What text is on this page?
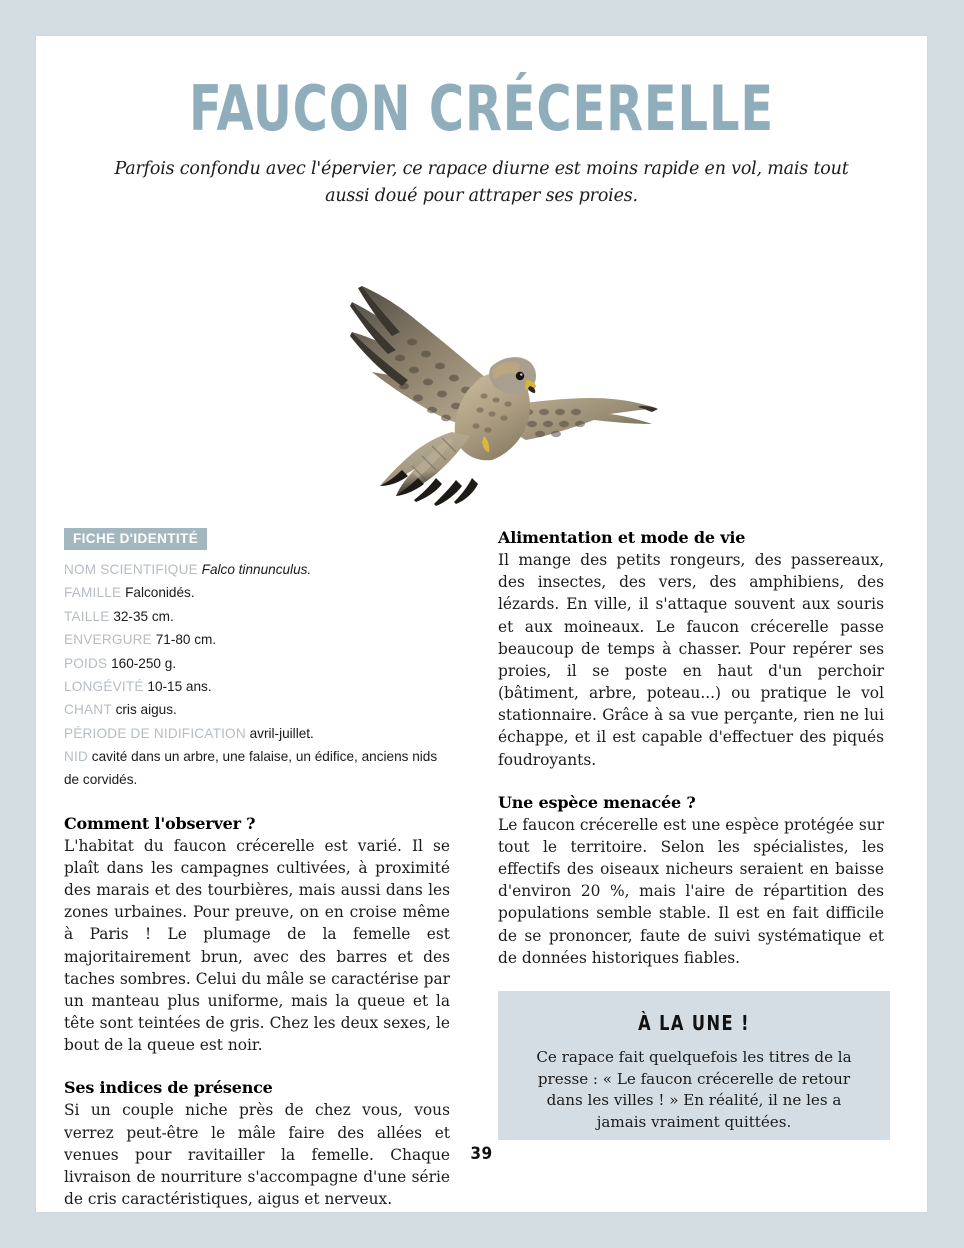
FAUCON CRÉCERELLE
Parfois confondu avec l'épervier, ce rapace diurne est moins rapide en vol, mais tout aussi doué pour attraper ses proies.
FICHE D'IDENTITÉ
NOM SCIENTIFIQUE Falco tinnunculus.
FAMILLE Falconidés.
TAILLE 32-35 cm.
ENVERGURE 71-80 cm.
POIDS 160-250 g.
LONGÉVITÉ 10-15 ans.
CHANT cris aigus.
PÉRIODE DE NIDIFICATION avril-juillet.
NID cavité dans un arbre, une falaise, un édifice, anciens nids de corvidés.
Comment l'observer ?

L'habitat du faucon crécerelle est varié. Il se plaît dans les campagnes cultivées, à proximité des marais et des tourbières, mais aussi dans les zones urbaines. Pour preuve, on en croise même à Paris ! Le plumage de la femelle est majoritairement brun, avec des barres et des taches sombres. Celui du mâle se caractérise par un manteau plus uniforme, mais la queue et la tête sont teintées de gris. Chez les deux sexes, le bout de la queue est noir.

Ses indices de présence

Si un couple niche près de chez vous, vous verrez peut-être le mâle faire des allées et venues pour ravitailler la femelle. Chaque livraison de nourriture s'accompagne d'une série de cris caractéristiques, aigus et nerveux.

Alimentation et mode de vie

Il mange des petits rongeurs, des passereaux, des insectes, des vers, des amphibiens, des lézards. En ville, il s'attaque souvent aux souris et aux moineaux. Le faucon crécerelle passe beaucoup de temps à chasser. Pour repérer ses proies, il se poste en haut d'un perchoir (bâtiment, arbre, poteau...) ou pratique le vol stationnaire. Grâce à sa vue perçante, rien ne lui échappe, et il est capable d'effectuer des piqués foudroyants.

Une espèce menacée ?

Le faucon crécerelle est une espèce protégée sur tout le territoire. Selon les spécialistes, les effectifs des oiseaux nicheurs seraient en baisse d'environ 20 %, mais l'aire de répartition des populations semble stable. Il est en fait difficile de se prononcer, faute de suivi systématique et de données historiques fiables.

À LA UNE !
Ce rapace fait quelquefois les titres de la presse : « Le faucon crécerelle de retour dans les villes ! » En réalité, il ne les a jamais vraiment quittées.
39
